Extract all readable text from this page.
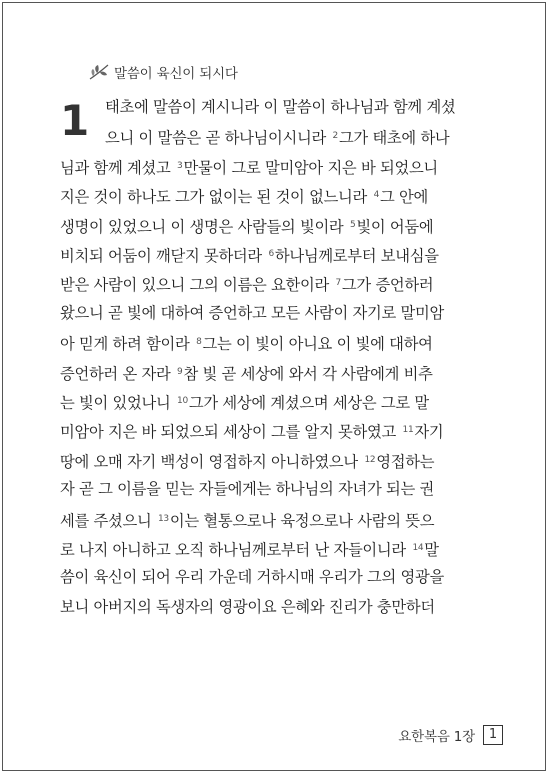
말씀이 육신이 되시다
1 태초에 말씀이 계시니라 이 말씀이 하나님과 함께 계셨
으니 이 말씀은 곧 하나님이시니라 $^2$그가 태초에 하나
님과 함께 계셨고 $^3$만물이 그로 말미암아 지은 바 되었으니
지은 것이 하나도 그가 없이는 된 것이 없느니라 $^4$그 안에
생명이 있었으니 이 생명은 사람들의 빛이라 $^5$빛이 어둠에
비치되 어둠이 깨닫지 못하더라 $^6$하나님께로부터 보내심을
받은 사람이 있으니 그의 이름은 요한이라 $^7$그가 증언하러
왔으니 곧 빛에 대하여 증언하고 모든 사람이 자기로 말미암
아 믿게 하려 함이라 $^8$그는 이 빛이 아니요 이 빛에 대하여
증언하러 온 자라 $^9$참 빛 곧 세상에 와서 각 사람에게 비추
는 빛이 있었나니 $^{10}$그가 세상에 계셨으며 세상은 그로 말
미암아 지은 바 되었으되 세상이 그를 알지 못하였고 $^{11}$자기
땅에 오매 자기 백성이 영접하지 아니하였으나 $^{12}$영접하는
자 곧 그 이름을 믿는 자들에게는 하나님의 자녀가 되는 권
세를 주셨으니 $^{13}$이는 혈통으로나 육정으로나 사람의 뜻으
로 나지 아니하고 오직 하나님께로부터 난 자들이니라 $^{14}$말
씀이 육신이 되어 우리 가운데 거하시매 우리가 그의 영광을
보니 아버지의 독생자의 영광이요 은혜와 진리가 충만하더
요한복음 1장	1
